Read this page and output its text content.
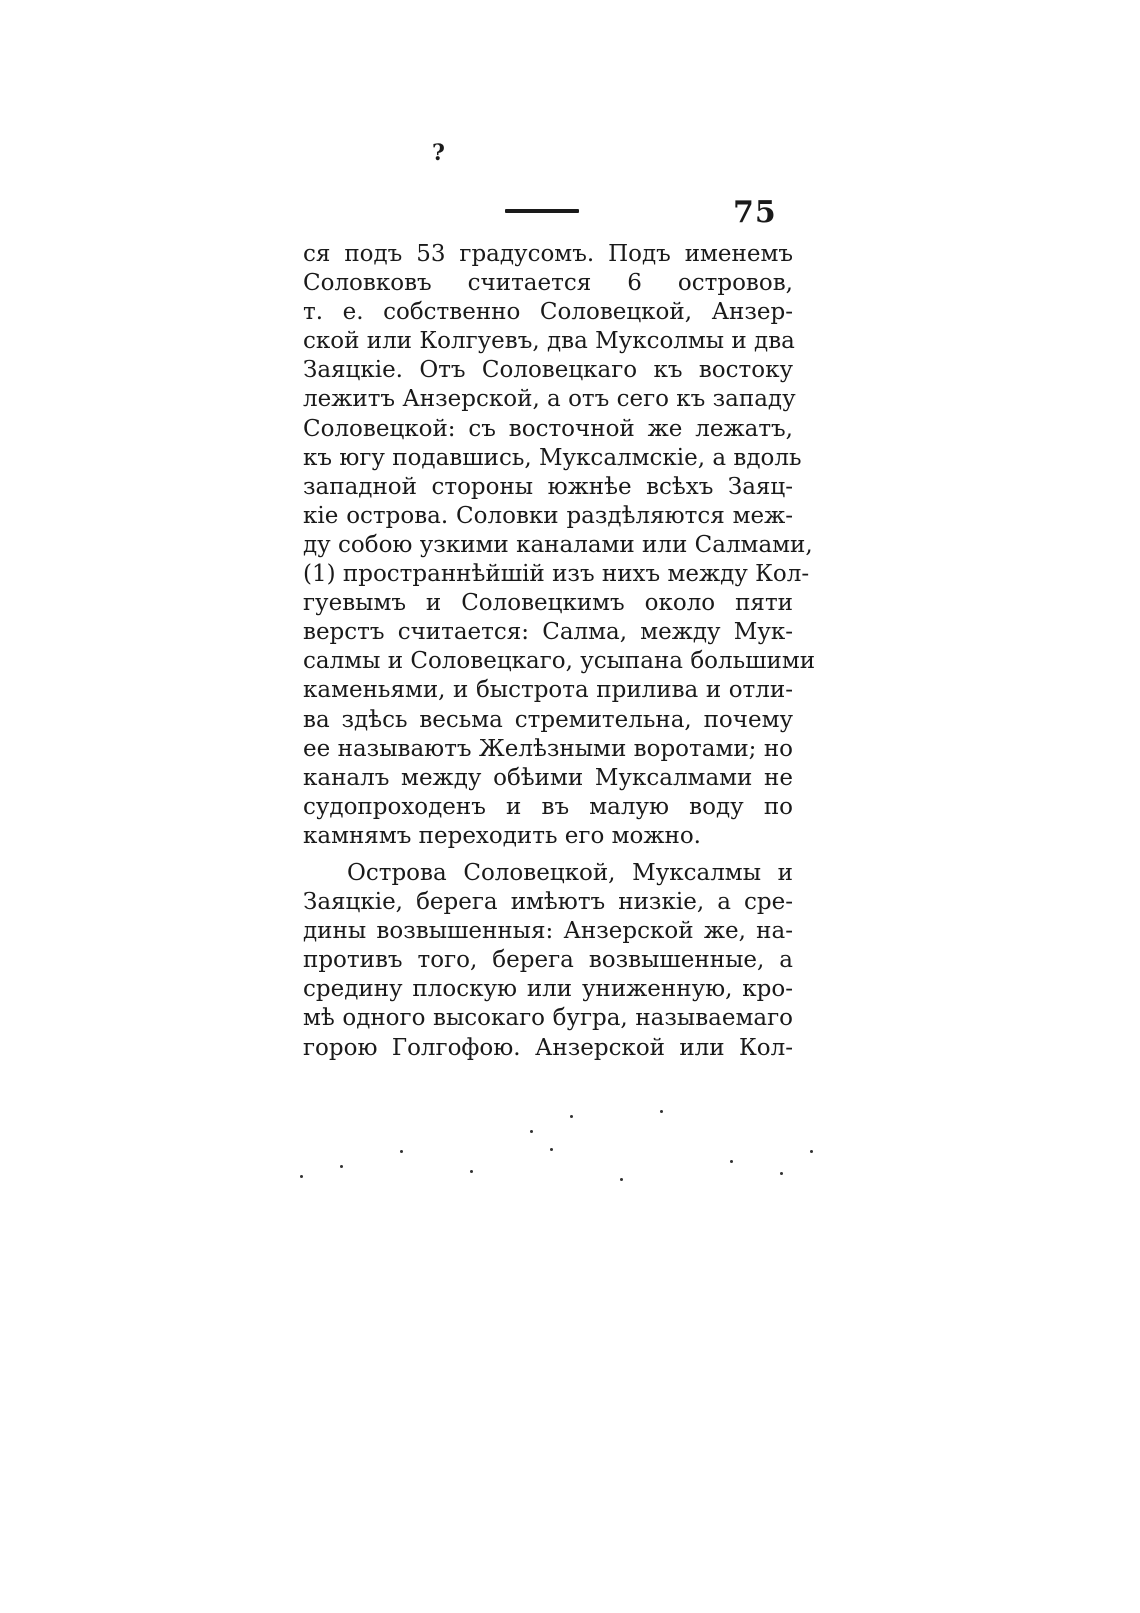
?
75
ся подъ 53 градусомъ. Подъ именемъ
Соловковъ считается 6 островов,
т. е. собственно Соловецкой, Анзер-
ской или Колгуевъ, два Муксолмы и два
Заяцкiе. Отъ Соловецкаго къ востоку
лежитъ Анзерской, а отъ сего къ западу
Соловецкой: съ восточной же лежатъ,
къ югу подавшись, Муксалмскiе, а вдоль
западной стороны южнѣе всѣхъ Заяц-
кiе острова. Соловки раздѣляются меж-
ду собою узкими каналами или Салмами,
(1) пространнѣйшiй изъ нихъ между Кол-
гуевымъ и Соловецкимъ около пяти
верстъ считается: Салма, между Мук-
салмы и Соловецкаго, усыпана большими
каменьями, и быстрота прилива и отли-
ва здѣсь весьма стремительна, почему
ее называютъ Желѣзными воротами; но
каналъ между обѣими Муксалмами не
судопроходенъ и въ малую воду по
камнямъ переходить его можно.
Острова Соловецкой, Муксалмы и
Заяцкiе, берега имѣютъ низкiе, а сре-
дины возвышенныя: Анзерской же, на-
противъ того, берега возвышенные, а
средину плоскую или униженную, кро-
мѣ одного высокаго бугра, называемаго
горою Голгофою. Анзерской или Кол-
